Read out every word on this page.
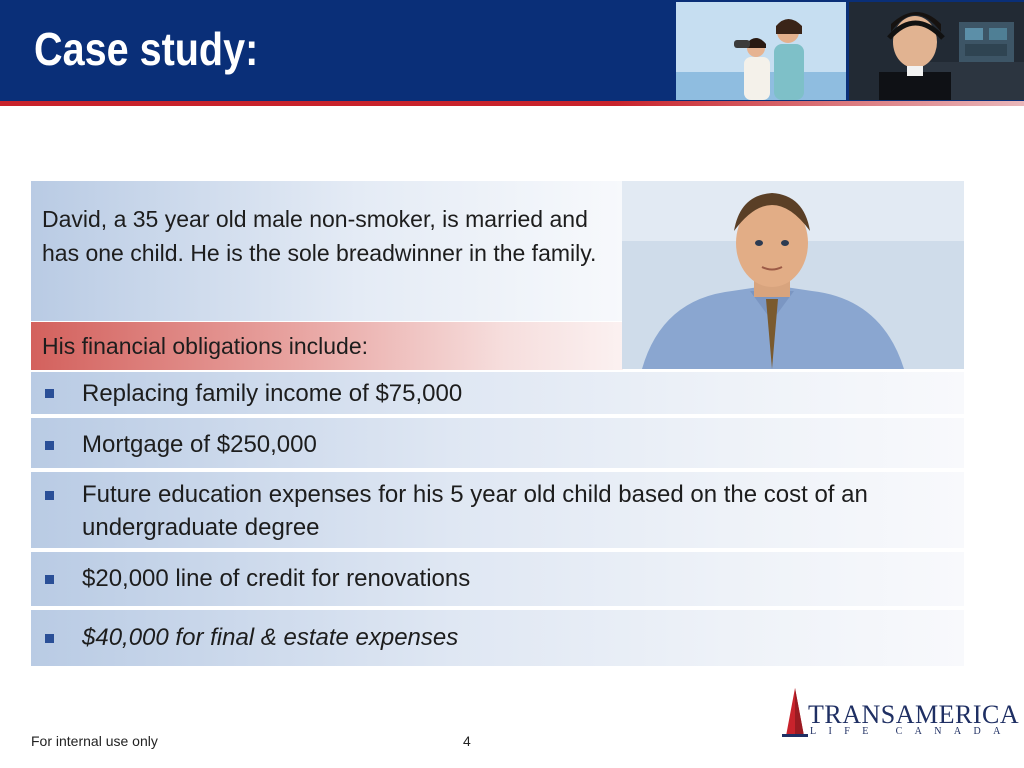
Case study:
David, a 35 year old male non-smoker, is married and has one child. He is the sole breadwinner in the family.
His financial obligations include:
Replacing family income of $75,000
Mortgage of $250,000
Future education expenses for his 5 year old child based on the cost of an undergraduate degree
$20,000 line of credit for renovations
$40,000 for final & estate expenses
For internal use only	4
TRANSAMERICA
LIFE CANADA
